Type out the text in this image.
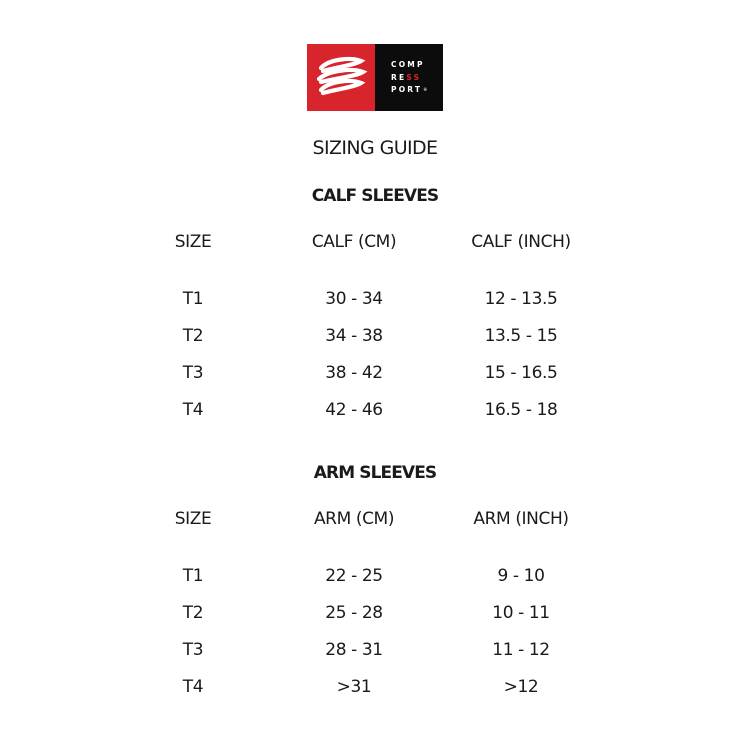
COMP
RESS
PORT®
SIZING GUIDE
CALF SLEEVES
SIZE	CALF (CM)	CALF (INCH)
T1	30 - 34	12 - 13.5
T2	34 - 38	13.5 - 15
T3	38 - 42	15 - 16.5
T4	42 - 46	16.5 - 18
ARM SLEEVES
SIZE	ARM (CM)	ARM (INCH)
T1	22 - 25	9 - 10
T2	25 - 28	10 - 11
T3	28 - 31	11 - 12
T4	>31	>12
